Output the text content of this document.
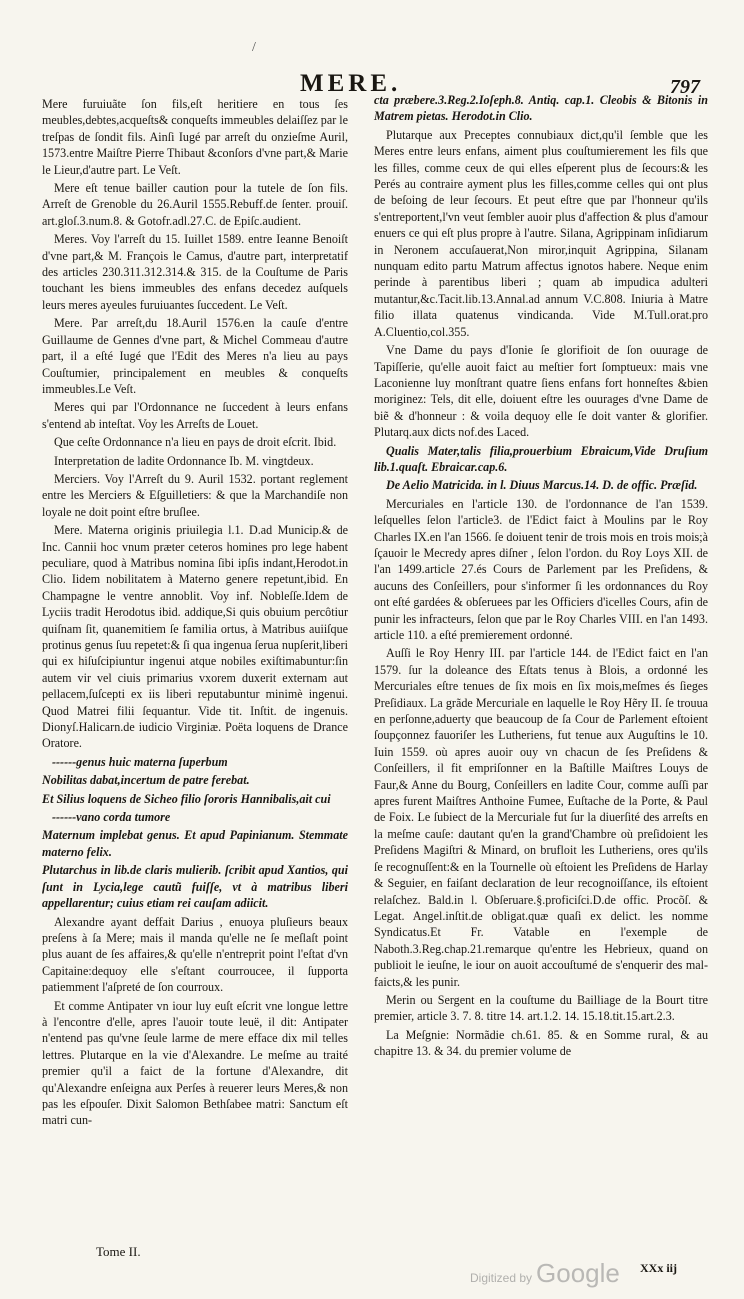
/
MERE.	797

Mere furuiuãte ſon fils,eſt heritiere en tous ſes meubles,debtes,acqueſts& conqueſts immeubles delaiſſez par le treſpas de ſondit fils. Ainſi Iugé par arreſt du onzieſme Auril, 1573.entre Maiſtre Pierre Thibaut &conſors d'vne part,& Marie le Lieur,d'autre part. Le Veſt.

Mere eſt tenue bailler caution pour la tutele de ſon fils. Arreſt de Grenoble du 26.Auril 1555.Rebuff.de ſenter. prouiſ. art.gloſ.3.num.8. & Gotofr.adl.27.C. de Epiſc.audient.

Meres. Voy l'arreſt du 15. Iuillet 1589. entre Ieanne Benoiſt d'vne part,& M. François le Camus, d'autre part, interpretatif des articles 230.311.312.314.& 315. de la Couſtume de Paris touchant les biens immeubles des enfans decedez auſquels leurs meres ayeules furuiuantes ſuccedent. Le Veſt.

Mere. Par arreſt,du 18.Auril 1576.en la cauſe d'entre Guillaume de Gennes d'vne part, & Michel Commeau d'autre part, il a eſté Iugé que l'Edit des Meres n'a lieu au pays Couſtumier, principalement en meubles & conqueſts immeubles.Le Veſt.

Meres qui par l'Ordonnance ne ſuccedent à leurs enfans s'entend ab inteſtat. Voy les Arreſts de Louet.

Que ceſte Ordonnance n'a lieu en pays de droit eſcrit. Ibid.

Interpretation de ladite Ordonnance Ib. M. vingtdeux.

Merciers. Voy l'Arreſt du 9. Auril 1532. portant reglement entre les Merciers & Eſguilletiers: & que la Marchandiſe non loyale ne doit point eſtre bruſlee.

Mere. Materna originis priuilegia l.1. D.ad Municip.& de Inc. Cannii hoc vnum præter ceteros homines pro lege habent peculiare, quod à Matribus nomina ſibi ipſis indant,Herodot.in Clio. Iidem nobilitatem à Materno genere repetunt,ibid. En Champagne le ventre annoblit. Voy inf. Nobleſſe.Idem de Lyciis tradit Herodotus ibid. addique,Si quis obuium percôtiur quiſnam ſit, quanemitiem ſe familia ortus, à Matribus auiiſque protinus genus ſuu repetet:& ſi qua ingenua ſerua nupſerit,liberi qui ex hiſuſcipiuntur ingenui atque nobiles exiſtimabuntur:ſin autem vir vel ciuis primarius vxorem duxerit externam aut pellacem,ſuſcepti ex iis liberi reputabuntur minimè ingenui. Quod Matrei filii ſequantur. Vide tit. Inſtit. de ingenuis. Dionyſ.Halicarn.de iudicio Virginiæ. Poëta loquens de Drance Oratore.

------genus huic materna ſuperbum

Nobilitas dabat,incertum de patre ferebat.

Et Silius loquens de Sicheo filio ſororis Hannibalis,ait cui

------vano corda tumore

Maternum implebat genus. Et apud Papinianum. Stemmate materno felix.

Plutarchus in lib.de claris mulierib. ſcribit apud Xantios, qui ſunt in Lycia,lege cautũ fuiſſe, vt à matribus liberi appellarentur; cuius etiam rei cauſam adiicit.

Alexandre ayant deffait Darius , enuoya pluſieurs beaux preſens à ſa Mere; mais il manda qu'elle ne ſe meſlaſt point plus auant de ſes affaires,& qu'elle n'entreprit point l'eſtat d'vn Capitaine:dequoy elle s'eſtant courroucee, il ſupporta patiemment l'aſpreté de ſon courroux.

Et comme Antipater vn iour luy euſt eſcrit vne longue lettre à l'encontre d'elle, apres l'auoir toute leuë, il dit: Antipater n'entend pas qu'vne ſeule larme de mere efface dix mil telles lettres. Plutarque en la vie d'Alexandre. Le meſme au traité premier qu'il a faict de la fortune d'Alexandre, dit qu'Alexandre enſeigna aux Perſes à reuerer leurs Meres,& non pas les eſpouſer. Dixit Salomon Bethſabee matri: Sanctum eſt matri cun-

cta præbere.3.Reg.2.Ioſeph.8. Antiq. cap.1. Cleobis & Bitonis in Matrem pietas. Herodot.in Clio.

Plutarque aux Preceptes connubiaux dict,qu'il ſemble que les Meres entre leurs enfans, aiment plus couſtumierement les fils que les filles, comme ceux de qui elles eſperent plus de ſecours:& les Perés au contraire ayment plus les filles,comme celles qui ont plus de beſoing de leur ſecours. Et peut eſtre que par l'honneur qu'ils s'entreportent,l'vn veut ſembler auoir plus d'affection & plus d'amour enuers ce qui eſt plus propre à l'autre. Silana, Agrippinam inſidiarum in Neronem accuſauerat,Non miror,inquit Agrippina, Silanam nunquam edito partu Matrum affectus ignotos habere. Neque enim perinde à parentibus liberi ; quam ab impudica adulteri mutantur,&c.Tacit.lib.13.Annal.ad annum V.C.808. Iniuria à Matre filio illata quatenus vindicanda. Vide M.Tull.orat.pro A.Cluentio,col.355.

Vne Dame du pays d'Ionie ſe glorifioit de ſon ouurage de Tapiſſerie, qu'elle auoit faict au meſtier fort ſomptueux: mais vne Laconienne luy monſtrant quatre ſiens enfans fort honneſtes &bien moriginez: Tels, dit elle, doiuent eſtre les ouurages d'vne Dame de biẽ & d'honneur : & voila dequoy elle ſe doit vanter & glorifier. Plutarq.aux dicts nof.des Laced.

Qualis Mater,talis filia,prouerbium Ebraicum,Vide Druſium lib.1.quaſt. Ebraicar.cap.6.

De Aelio Matricida. in l. Diuus Marcus.14. D. de offic. Præſid.

Mercuriales en l'article 130. de l'ordonnance de l'an 1539. leſquelles ſelon l'article3. de l'Edict faict à Moulins par le Roy Charles IX.en l'an 1566. ſe doiuent tenir de trois mois en trois mois;à ſçauoir le Mecredy apres diſner , ſelon l'ordon. du Roy Loys XII. de l'an 1499.article 27.és Cours de Parlement par les Preſidens, & aucuns des Conſeillers, pour s'informer ſi les ordonnances du Roy ont eſté gardées & obſeruees par les Officiers d'icelles Cours, afin de punir les infracteurs, ſelon que par le Roy Charles VIII. en l'an 1493. article 110. a eſté premierement ordonné.

Auſſi le Roy Henry III. par l'article 144. de l'Edict faict en l'an 1579. ſur la doleance des Eſtats tenus à Blois, a ordonné les Mercuriales eſtre tenues de ſix mois en ſix mois,meſmes és ſieges Preſidiaux. La grãde Mercuriale en laquelle le Roy Hẽry II. ſe trouua en perſonne,aduerty que beaucoup de ſa Cour de Parlement eſtoient ſoupçonnez fauoriſer les Lutheriens, fut tenue aux Auguſtins le 10. Iuin 1559. où apres auoir ouy vn chacun de ſes Preſidens & Conſeillers, il fit empriſonner en la Baſtille Maiſtres Louys de Faur,& Anne du Bourg, Conſeillers en ladite Cour, comme auſſi par apres furent Maiſtres Anthoine Fumee, Euſtache de la Porte, & Paul de Foix. Le ſubiect de la Mercuriale fut ſur la diuerſité des arreſts en la meſme cauſe: dautant qu'en la grand'Chambre où preſidoient les Preſidens Magiſtri & Minard, on brufloit les Lutheriens, ores qu'ils ſe recognuſſent:& en la Tournelle où eſtoient les Preſidens de Harlay & Seguier, en faiſant declaration de leur recognoiſſance, ils eſtoient relaſchez. Bald.in l. Obſeruare.§.proficiſci.D.de offic. Procõſ. & Legat. Angel.inſtit.de obligat.quæ quaſi ex delict. les nomme Syndicatus.Et Fr. Vatable en l'exemple de Naboth.3.Reg.chap.21.remarque qu'entre les Hebrieux, quand on publioit le ieuſne, le iour on auoit accouſtumé de s'enquerir des mal-faicts,& les punir.

Merin ou Sergent en la couſtume du Bailliage de la Bourt titre premier, article 3. 7. 8. titre 14. art.1.2. 14. 15.18.tit.15.art.2.3.

La Meſgnie: Normãdie ch.61. 85. & en Somme rural, & au chapitre 13. & 34. du premier volume de

Tome II.
Digitized by Google XXx iij
